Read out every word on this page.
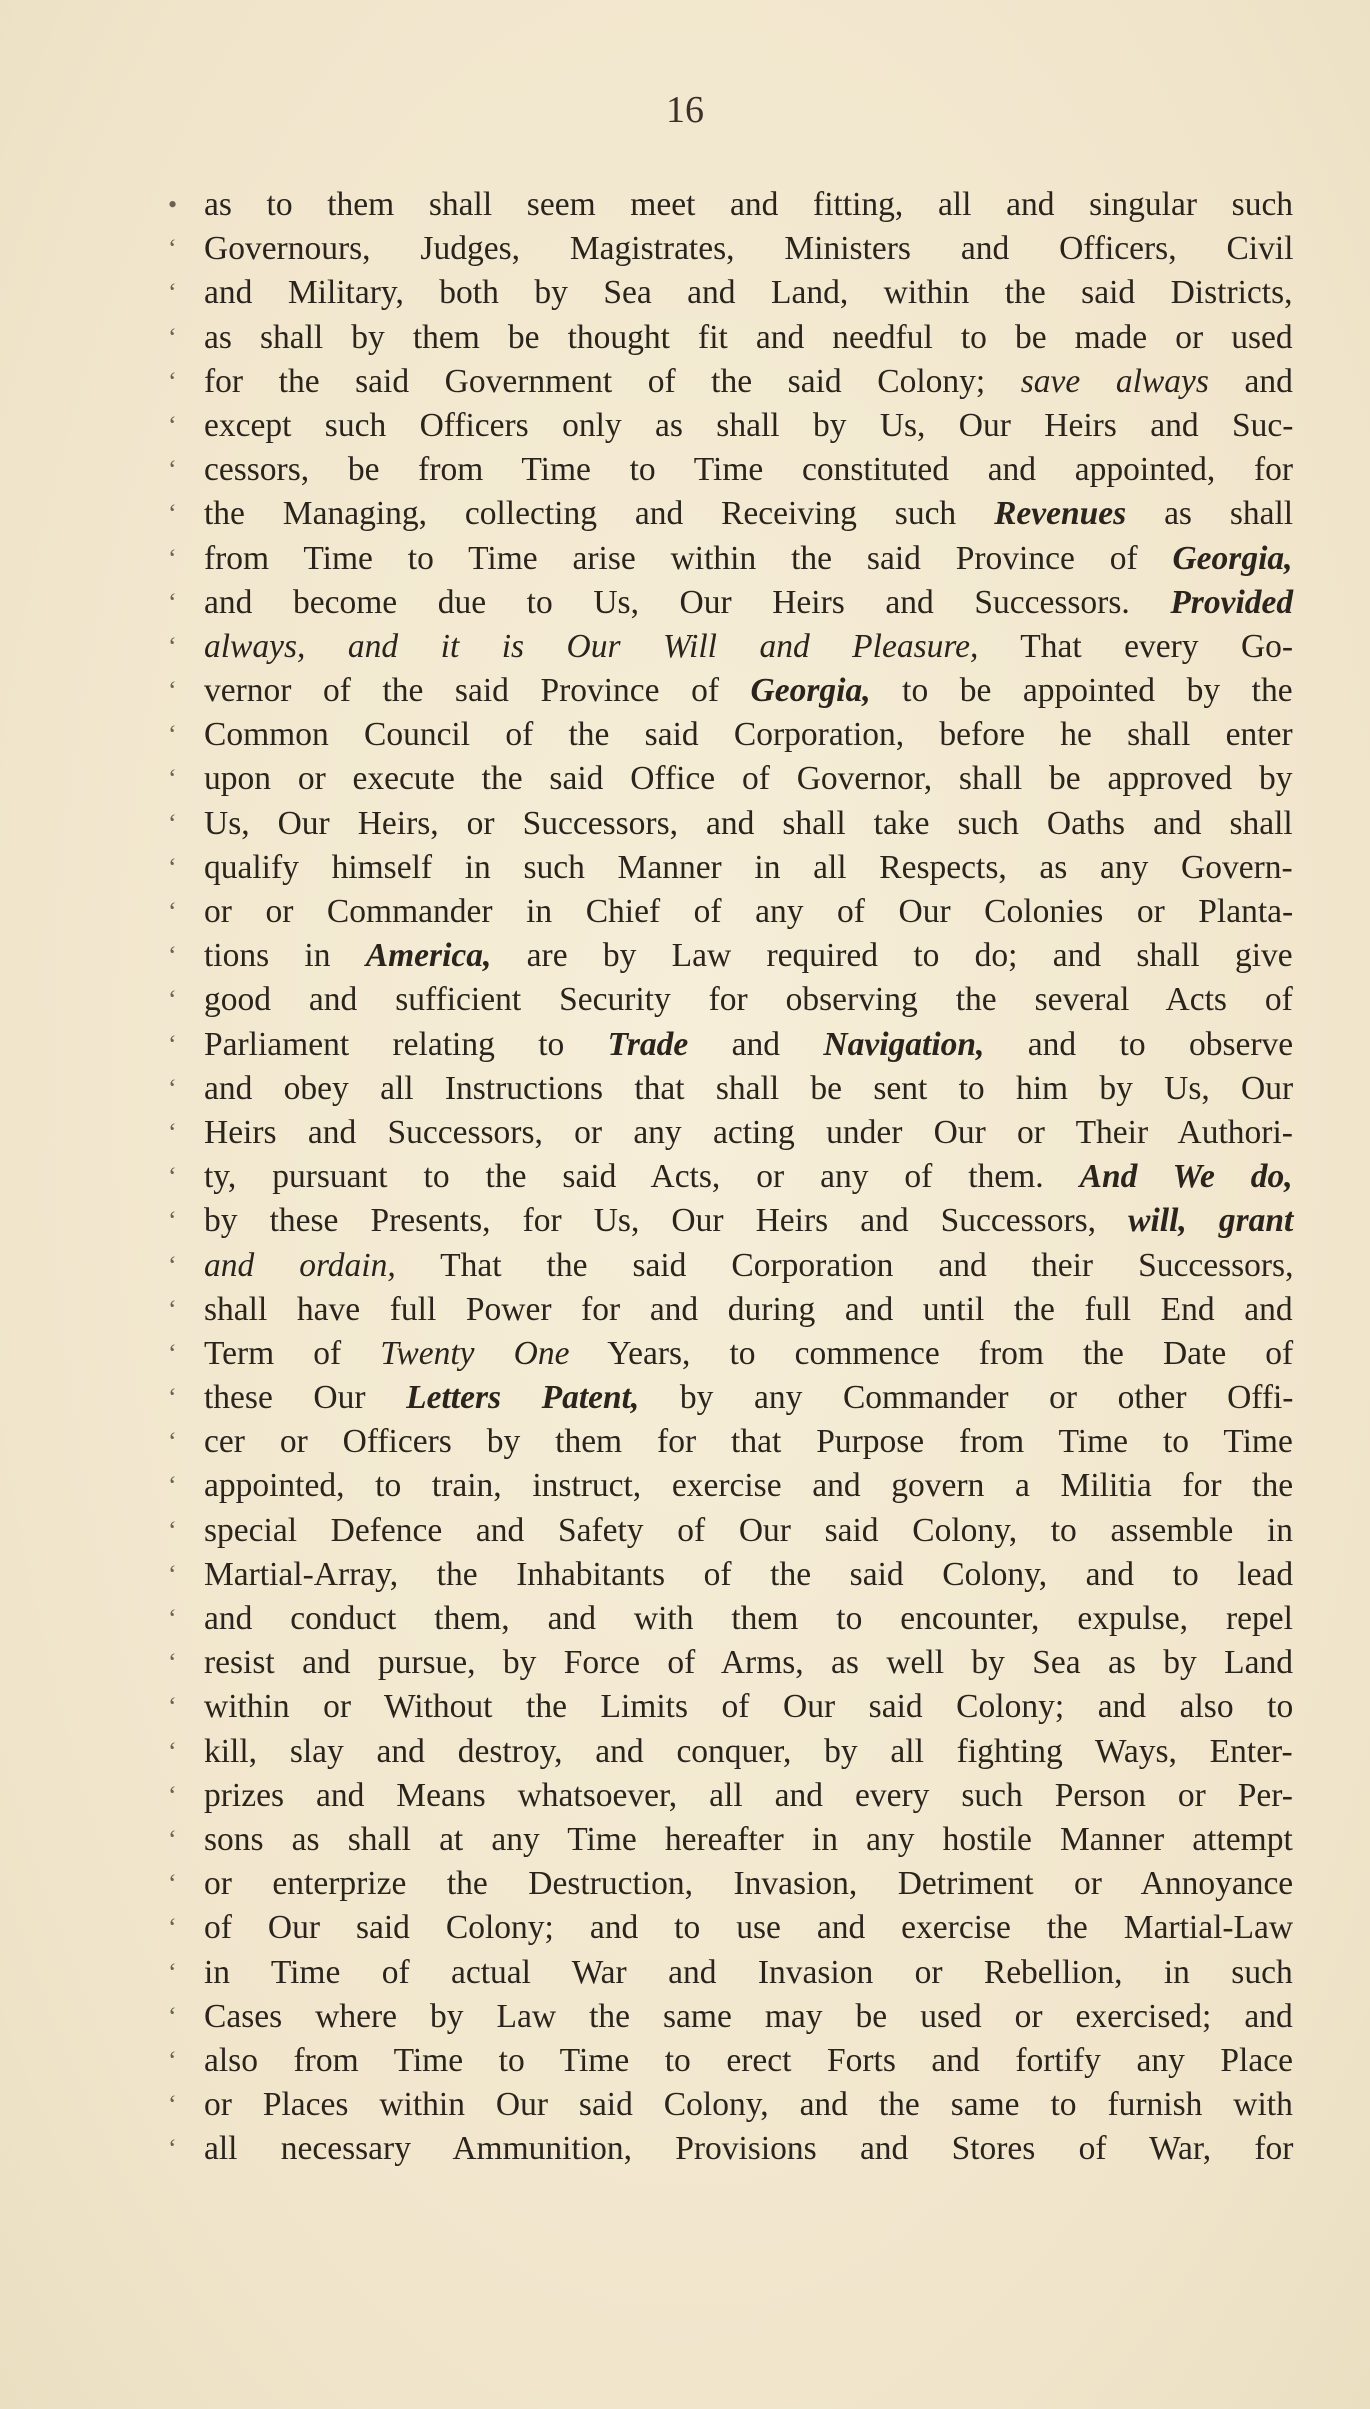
16
• as to them shall seem meet and fitting, all and singular such
‘ Governours, Judges, Magistrates, Ministers and Officers, Civil
‘ and Military, both by Sea and Land, within the said Districts,
‘ as shall by them be thought fit and needful to be made or used
‘ for the said Government of the said Colony; save always and
‘ except such Officers only as shall by Us, Our Heirs and Suc-
‘ cessors, be from Time to Time constituted and appointed, for
‘ the Managing, collecting and Receiving such Revenues as shall
‘ from Time to Time arise within the said Province of Georgia,
‘ and become due to Us, Our Heirs and Successors. Provided
‘ always, and it is Our Will and Pleasure, That every Go-
‘ vernor of the said Province of Georgia, to be appointed by the
‘ Common Council of the said Corporation, before he shall enter
‘ upon or execute the said Office of Governor, shall be approved by
‘ Us, Our Heirs, or Successors, and shall take such Oaths and shall
‘ qualify himself in such Manner in all Respects, as any Govern-
‘ or or Commander in Chief of any of Our Colonies or Planta-
‘ tions in America, are by Law required to do; and shall give
‘ good and sufficient Security for observing the several Acts of
‘ Parliament relating to Trade and Navigation, and to observe
‘ and obey all Instructions that shall be sent to him by Us, Our
‘ Heirs and Successors, or any acting under Our or Their Authori-
‘ ty, pursuant to the said Acts, or any of them. And We do,
‘ by these Presents, for Us, Our Heirs and Successors, will, grant
‘ and ordain, That the said Corporation and their Successors,
‘ shall have full Power for and during and until the full End and
‘ Term of Twenty One Years, to commence from the Date of
‘ these Our Letters Patent, by any Commander or other Offi-
‘ cer or Officers by them for that Purpose from Time to Time
‘ appointed, to train, instruct, exercise and govern a Militia for the
‘ special Defence and Safety of Our said Colony, to assemble in
‘ Martial-Array, the Inhabitants of the said Colony, and to lead
‘ and conduct them, and with them to encounter, expulse, repel
‘ resist and pursue, by Force of Arms, as well by Sea as by Land
‘ within or Without the Limits of Our said Colony; and also to
‘ kill, slay and destroy, and conquer, by all fighting Ways, Enter-
‘ prizes and Means whatsoever, all and every such Person or Per-
‘ sons as shall at any Time hereafter in any hostile Manner attempt
‘ or enterprize the Destruction, Invasion, Detriment or Annoyance
‘ of Our said Colony; and to use and exercise the Martial-Law
‘ in Time of actual War and Invasion or Rebellion, in such
‘ Cases where by Law the same may be used or exercised; and
‘ also from Time to Time to erect Forts and fortify any Place
‘ or Places within Our said Colony, and the same to furnish with
‘ all necessary Ammunition, Provisions and Stores of War, for
